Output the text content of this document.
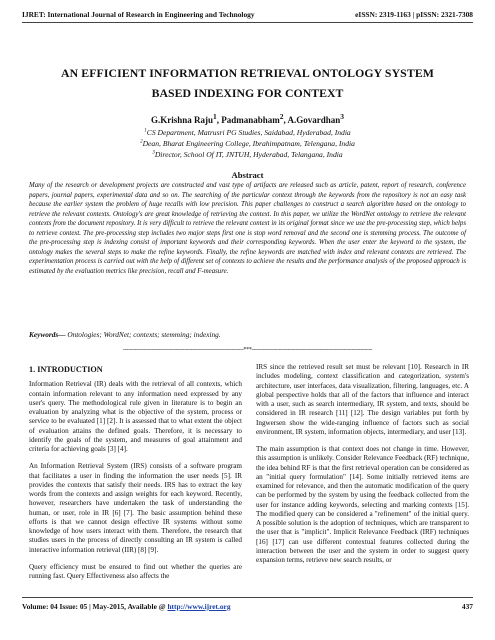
IJRET: International Journal of Research in Engineering and Technology	eISSN: 2319-1163 | pISSN: 2321-7308
AN EFFICIENT INFORMATION RETRIEVAL ONTOLOGY SYSTEM
BASED INDEXING FOR CONTEXT
G.Krishna Raju$^1$, Padmanabham$^2$, A.Govardhan$^3$
$^1$CS Department, Matrusri PG Studies, Saidabad, Hyderabad, India
$^2$Dean, Bharat Engineering College, Ibrahimpatnam, Telengana, India
$^3$Director, School Of IT, JNTUH, Hyderabad, Telangana, India
Abstract
Many of the research or development projects are constructed and vast type of artifacts are released such as article, patent, report of research, conference papers, journal papers, experimental data and so on. The searching of the particular context through the keywords from the repository is not an easy task because the earlier system the problem of huge recalls with low precision. This paper challenges to construct a search algorithm based on the ontology to retrieve the relevant contexts. Ontology's are great knowledge of retrieving the context. In this paper, we utilize the WordNet ontology to retrieve the relevant contexts from the document repository. It is very difficult to retrieve the relevant context in its original format since we use the pre-processing step, which helps to retrieve context. The pre-processing step includes two major steps first one is stop word removal and the second one is stemming process. The outcome of the pre-processing step is indexing consist of important keywords and their corresponding keywords. When the user enter the keyword to the system, the ontology makes the several steps to make the refine keywords. Finally, the refine keywords are matched with index and relevant contexts are retrieved. The experimentation process is carried out with the help of different set of contexts to achieve the results and the performance analysis of the proposed approach is estimated by the evaluation metrics like precision, recall and F-measure.
Keywords— Ontologies; WordNet; contexts; stemming; indexing.
-----------------------------------------------------------------------***-----------------------------------------------------------------------
1. INTRODUCTION

Information Retrieval (IR) deals with the retrieval of all contexts, which contain information relevant to any information need expressed by any user's query. The methodological rule given in literature is to begin an evaluation by analyzing what is the objective of the system, process or service to be evaluated [1] [2]. It is assessed that to what extent the object of evaluation attains the defined goals. Therefore, it is necessary to identify the goals of the system, and measures of goal attainment and criteria for achieving goals [3] [4].

An Information Retrieval System (IRS) consists of a software program that facilitates a user in finding the information the user needs [5]. IR provides the contexts that satisfy their needs. IRS has to extract the key words from the contexts and assign weights for each keyword. Recently, however, researchers have undertaken the task of understanding the human, or user, role in IR [6] [7]. The basic assumption behind these efforts is that we cannot design effective IR systems without some knowledge of how users interact with them. Therefore, the research that studies users in the process of directly consulting an IR system is called interactive information retrieval (IIR) [8] [9].

Query efficiency must be ensured to find out whether the queries are running fast. Query Effectiveness also affects the

IRS since the retrieved result set must be relevant [10]. Research in IR includes modeling, context classification and categorization, system's architecture, user interfaces, data visualization, filtering, languages, etc. A global perspective holds that all of the factors that influence and interact with a user, such as search intermediary, IR system, and texts, should be considered in IR research [11] [12]. The design variables put forth by Ingwersen show the wide-ranging influence of factors such as social environment, IR system, information objects, intermediary, and user [13].

The main assumption is that context does not change in time. However, this assumption is unlikely. Consider Relevance Feedback (RF) technique, the idea behind RF is that the first retrieval operation can be considered as an "initial query formulation" [14]. Some initially retrieved items are examined for relevance, and then the automatic modification of the query can be performed by the system by using the feedback collected from the user for instance adding keywords, selecting and marking contexts [15]. The modified query can be considered a "refinement" of the initial query. A possible solution is the adoption of techniques, which are transparent to the user that is "implicit". Implicit Relevance Feedback (IRF) techniques [16] [17] can use different contextual features collected during the interaction between the user and the system in order to suggest query expansion terms, retrieve new search results, or

Volume: 04 Issue: 05 | May-2015, Available @ http://www.ijret.org	437
